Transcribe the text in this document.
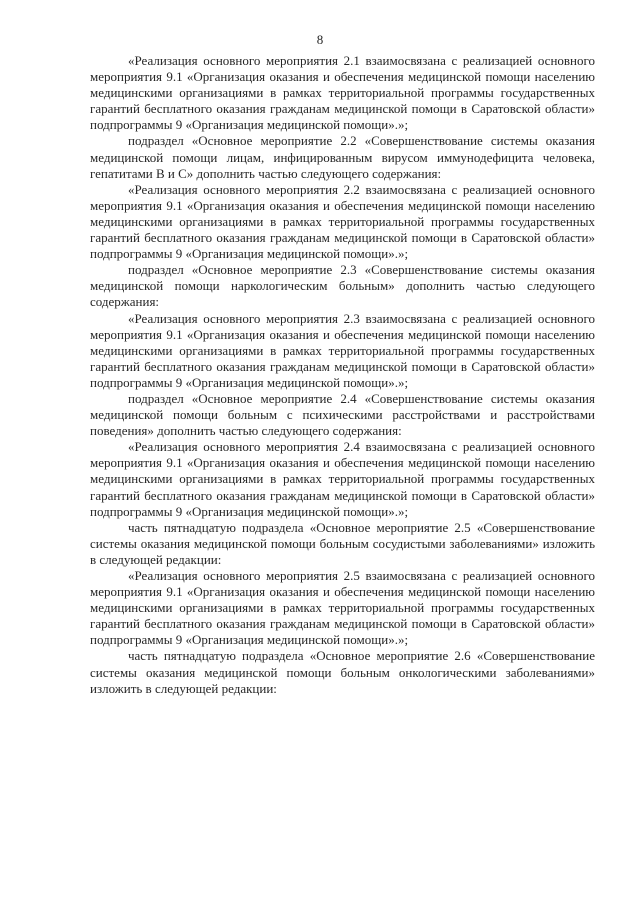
8

«Реализация основного мероприятия 2.1 взаимосвязана с реализацией основного мероприятия 9.1 «Организация оказания и обеспечения медицинской помощи населению медицинскими организациями в рамках территориальной программы государственных гарантий бесплатного оказания гражданам медицинской помощи в Саратовской области» подпрограммы 9 «Организация медицинской помощи».»;

подраздел «Основное мероприятие 2.2 «Совершенствование системы оказания медицинской помощи лицам, инфицированным вирусом иммунодефицита человека, гепатитами В и С» дополнить частью следующего содержания:

«Реализация основного мероприятия 2.2 взаимосвязана с реализацией основного мероприятия 9.1 «Организация оказания и обеспечения медицинской помощи населению медицинскими организациями в рамках территориальной программы государственных гарантий бесплатного оказания гражданам медицинской помощи в Саратовской области» подпрограммы 9 «Организация медицинской помощи».»;

подраздел «Основное мероприятие 2.3 «Совершенствование системы оказания медицинской помощи наркологическим больным» дополнить частью следующего содержания:

«Реализация основного мероприятия 2.3 взаимосвязана с реализацией основного мероприятия 9.1 «Организация оказания и обеспечения медицинской помощи населению медицинскими организациями в рамках территориальной программы государственных гарантий бесплатного оказания гражданам медицинской помощи в Саратовской области» подпрограммы 9 «Организация медицинской помощи».»;

подраздел «Основное мероприятие 2.4 «Совершенствование системы оказания медицинской помощи больным с психическими расстройствами и расстройствами поведения» дополнить частью следующего содержания:

«Реализация основного мероприятия 2.4 взаимосвязана с реализацией основного мероприятия 9.1 «Организация оказания и обеспечения медицинской помощи населению медицинскими организациями в рамках территориальной программы государственных гарантий бесплатного оказания гражданам медицинской помощи в Саратовской области» подпрограммы 9 «Организация медицинской помощи».»;

часть пятнадцатую подраздела «Основное мероприятие 2.5 «Совершенствование системы оказания медицинской помощи больным сосудистыми заболеваниями» изложить в следующей редакции:

«Реализация основного мероприятия 2.5 взаимосвязана с реализацией основного мероприятия 9.1 «Организация оказания и обеспечения медицинской помощи населению медицинскими организациями в рамках территориальной программы государственных гарантий бесплатного оказания гражданам медицинской помощи в Саратовской области» подпрограммы 9 «Организация медицинской помощи».»;

часть пятнадцатую подраздела «Основное мероприятие 2.6 «Совершенствование системы оказания медицинской помощи больным онкологическими заболеваниями» изложить в следующей редакции:
